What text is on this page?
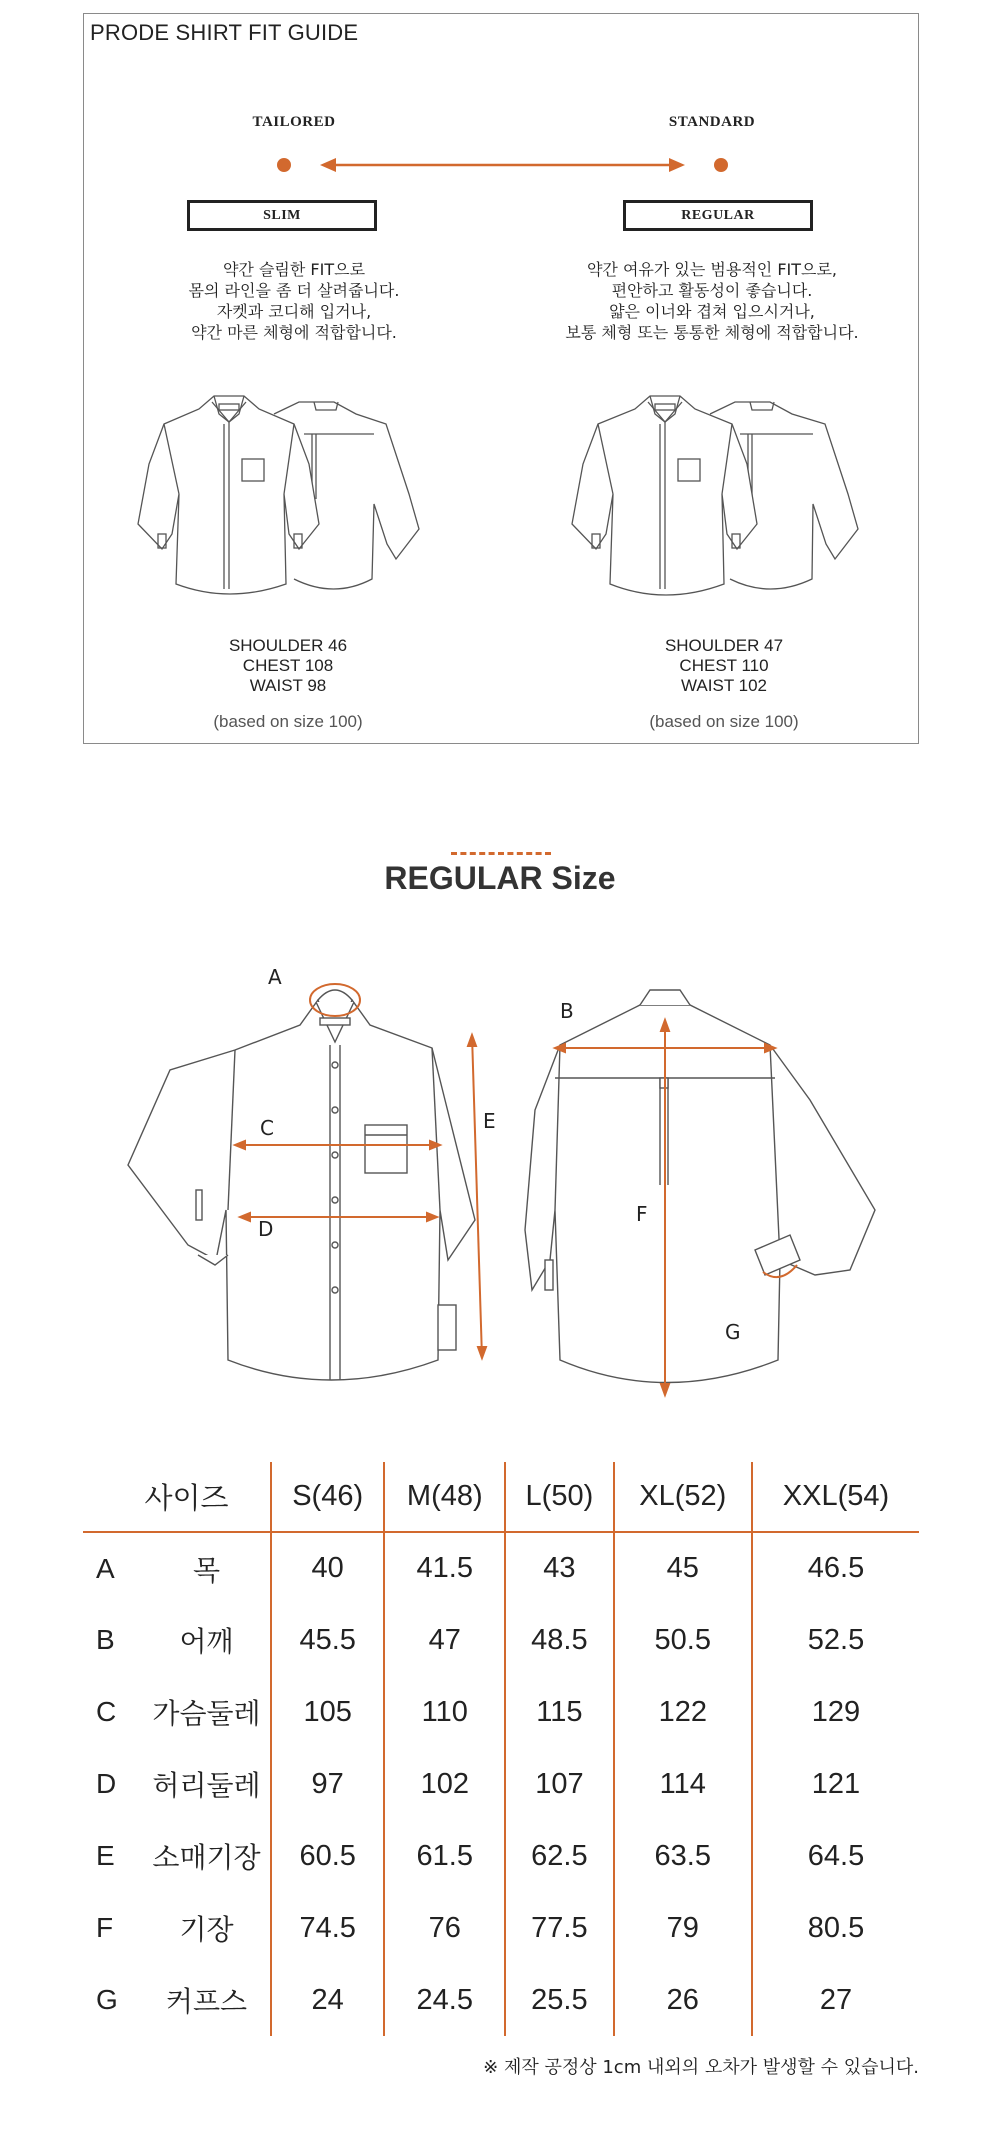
PRODE SHIRT FIT GUIDE
TAILORED
SLIM
약간 슬림한 FIT으로
몸의 라인을 좀 더 살려줍니다.
자켓과 코디해 입거나,
약간 마른 체형에 적합합니다.
SHOULDER 46
CHEST 108
WAIST 98
(based on size 100)
STANDARD
REGULAR
약간 여유가 있는 범용적인 FIT으로,
편안하고 활동성이 좋습니다.
얇은 이너와 겹쳐 입으시거나,
보통 체형 또는 통통한 체형에 적합합니다.
SHOULDER 47
CHEST 110
WAIST 102
(based on size 100)
REGULAR Size
A
B
C
D
E
F
G
사이즈		S(46)	M(48)	L(50)	XL(52)	XXL(54)
A	목	40	41.5	43	45	46.5
B	어깨	45.5	47	48.5	50.5	52.5
C	가슴둘레	105	110	115	122	129
D	허리둘레	97	102	107	114	121
E	소매기장	60.5	61.5	62.5	63.5	64.5
F	기장	74.5	76	77.5	79	80.5
G	커프스	24	24.5	25.5	26	27
※ 제작 공정상 1cm 내외의 오차가 발생할 수 있습니다.
